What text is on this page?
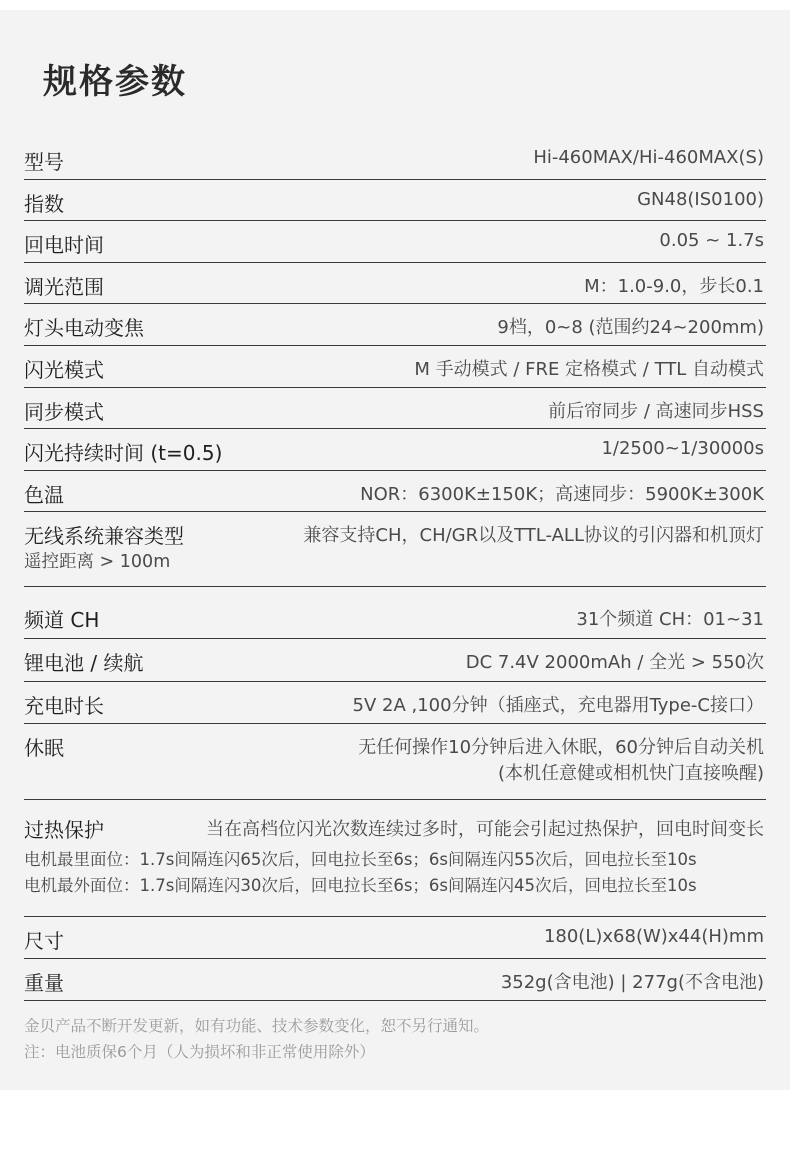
规格参数
型号	Hi-460MAX/Hi-460MAX(S)
指数	GN48(IS0100)
回电时间	0.05 ~ 1.7s
调光范围	M：1.0-9.0，步长0.1
灯头电动变焦	9档，0~8 (范围约24~200mm)
闪光模式	M 手动模式 / FRE 定格模式 / TTL 自动模式
同步模式	前后帘同步 / 高速同步HSS
闪光持续时间 (t=0.5)	1/2500~1/30000s
色温	NOR：6300K±150K；高速同步：5900K±300K
无线系统兼容类型	兼容支持CH，CH/GR以及TTL-ALL协议的引闪器和机顶灯
遥控距离 > 100m
频道 CH	31个频道 CH：01~31
锂电池 / 续航	DC 7.4V 2000mAh / 全光 > 550次
充电时长	5V 2A ,100分钟（插座式，充电器用Type-C接口）
休眠	无任何操作10分钟后进入休眠，60分钟后自动关机
(本机任意健或相机快门直接唤醒)
过热保护	当在高档位闪光次数连续过多时，可能会引起过热保护，回电时间变长
电机最里面位：1.7s间隔连闪65次后，回电拉长至6s；6s间隔连闪55次后，回电拉长至10s
电机最外面位：1.7s间隔连闪30次后，回电拉长至6s；6s间隔连闪45次后，回电拉长至10s
尺寸	180(L)x68(W)x44(H)mm
重量	352g(含电池) | 277g(不含电池)
金贝产品不断开发更新，如有功能、技术参数变化，恕不另行通知。
注：电池质保6个月（人为损坏和非正常使用除外）
